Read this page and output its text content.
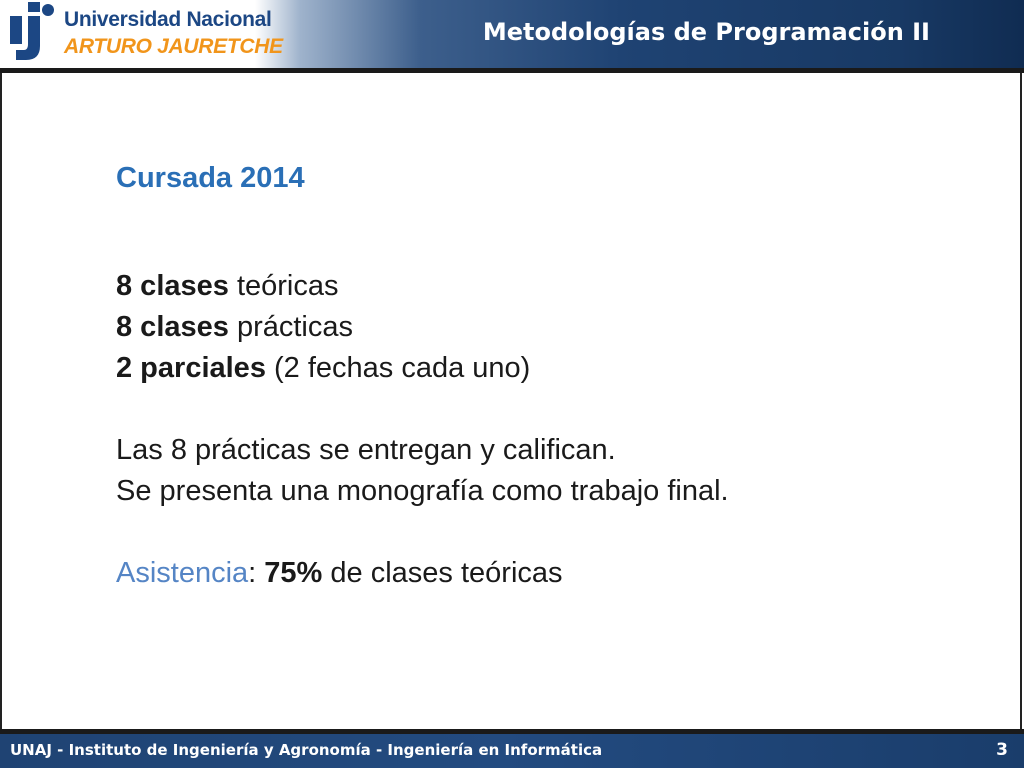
Universidad Nacional
ARTURO JAURETCHE
Metodologías de Programación II

Cursada 2014

8 clases teóricas

8 clases prácticas

2 parciales (2 fechas cada uno)

Las 8 prácticas se entregan y califican.

Se presenta una monografía como trabajo final.

Asistencia: 75% de clases teóricas

UNAJ - Instituto de Ingeniería y Agronomía - Ingeniería en Informática	3
